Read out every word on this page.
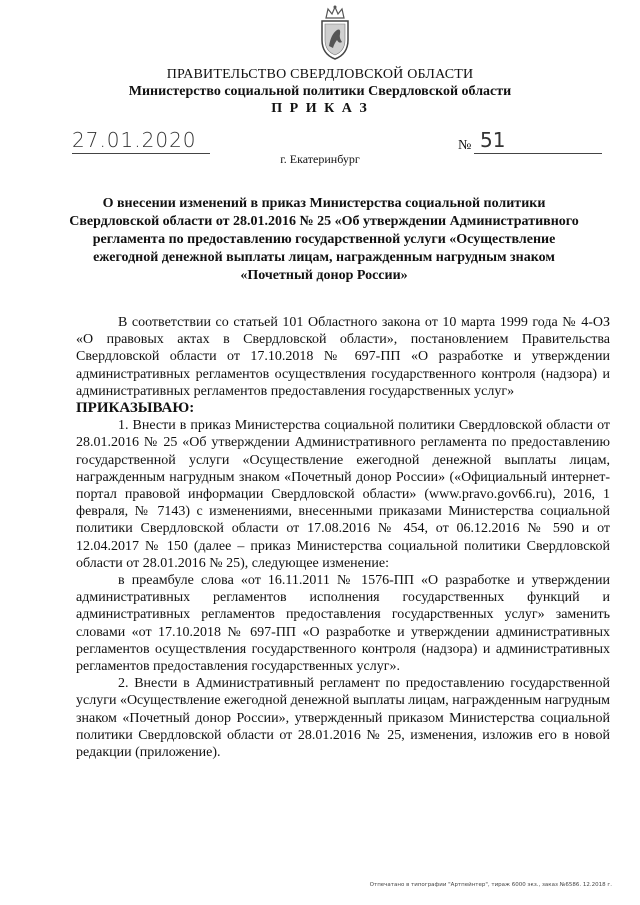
ПРАВИТЕЛЬСТВО СВЕРДЛОВСКОЙ ОБЛАСТИ
Министерство социальной политики Свердловской области
П Р И К А З
27.01.2020	№ 51
г. Екатеринбург
О внесении изменений в приказ Министерства социальной политики Свердловской области от 28.01.2016 № 25 «Об утверждении Административного регламента по предоставлению государственной услуги «Осуществление ежегодной денежной выплаты лицам, награжденным нагрудным знаком «Почетный донор России»

В соответствии со статьей 101 Областного закона от 10 марта 1999 года № 4-ОЗ «О правовых актах в Свердловской области», постановлением Правительства Свердловской области от 17.10.2018 № 697-ПП «О разработке и утверждении административных регламентов осуществления государственного контроля (надзора) и административных регламентов предоставления государственных услуг»

ПРИКАЗЫВАЮ:

1. Внести в приказ Министерства социальной политики Свердловской области от 28.01.2016 № 25 «Об утверждении Административного регламента по предоставлению государственной услуги «Осуществление ежегодной денежной выплаты лицам, награжденным нагрудным знаком «Почетный донор России» («Официальный интернет-портал правовой информации Свердловской области» (www.pravo.gov66.ru), 2016, 1 февраля, № 7143) с изменениями, внесенными приказами Министерства социальной политики Свердловской области от 17.08.2016 № 454, от 06.12.2016 № 590 и от 12.04.2017 № 150 (далее – приказ Министерства социальной политики Свердловской области от 28.01.2016 № 25), следующее изменение:

в преамбуле слова «от 16.11.2011 № 1576-ПП «О разработке и утверждении административных регламентов исполнения государственных функций и административных регламентов предоставления государственных услуг» заменить словами «от 17.10.2018 № 697-ПП «О разработке и утверждении административных регламентов осуществления государственного контроля (надзора) и административных регламентов предоставления государственных услуг».

2. Внести в Административный регламент по предоставлению государственной услуги «Осуществление ежегодной денежной выплаты лицам, награжденным нагрудным знаком «Почетный донор России», утвержденный приказом Министерства социальной политики Свердловской области от 28.01.2016 № 25, изменения, изложив его в новой редакции (приложение).

Отпечатано в типографии "Артпейнтер", тираж 6000 экз., заказ №6586. 12.2018 г.
